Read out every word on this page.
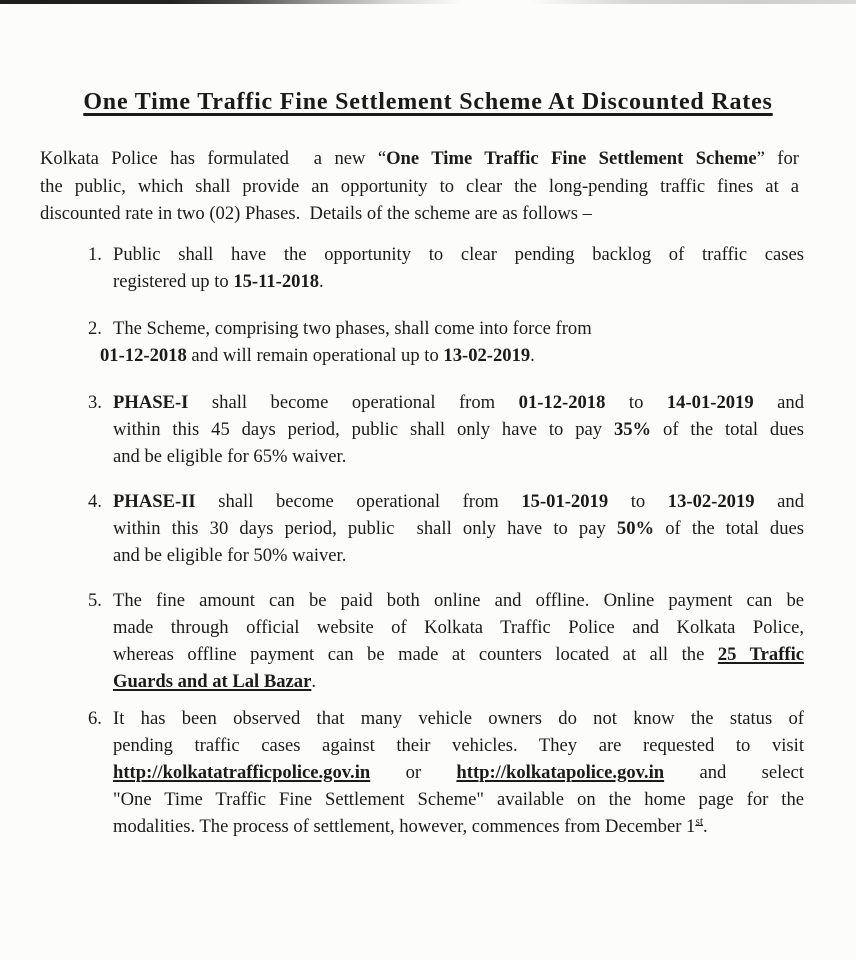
One Time Traffic Fine Settlement Scheme At Discounted Rates
Kolkata Police has formulated  a new “One Time Traffic Fine Settlement Scheme” for
the public, which shall provide an opportunity to clear the long-pending traffic fines at a
discounted rate in two (02) Phases.  Details of the scheme are as follows –
1. Public shall have the opportunity to clear pending backlog of traffic cases
registered up to 15-11-2018.
2. The Scheme, comprising two phases, shall come into force from
01-12-2018 and will remain operational up to 13-02-2019.
3. PHASE-I shall become operational from 01-12-2018 to 14-01-2019 and
within this 45 days period, public shall only have to pay 35% of the total dues
and be eligible for 65% waiver.
4. PHASE-II shall become operational from 15-01-2019 to 13-02-2019 and
within this 30 days period, public  shall only have to pay 50% of the total dues
and be eligible for 50% waiver.
5. The fine amount can be paid both online and offline. Online payment can be
made through official website of Kolkata Traffic Police and Kolkata Police,
whereas offline payment can be made at counters located at all the 25 Traffic
Guards and at Lal Bazar.
6. It has been observed that many vehicle owners do not know the status of
pending traffic cases against their vehicles. They are requested to visit
http://kolkatatrafficpolice.gov.in or http://kolkatapolice.gov.in and select
"One Time Traffic Fine Settlement Scheme" available on the home page for the
modalities. The process of settlement, however, commences from December 1st.
